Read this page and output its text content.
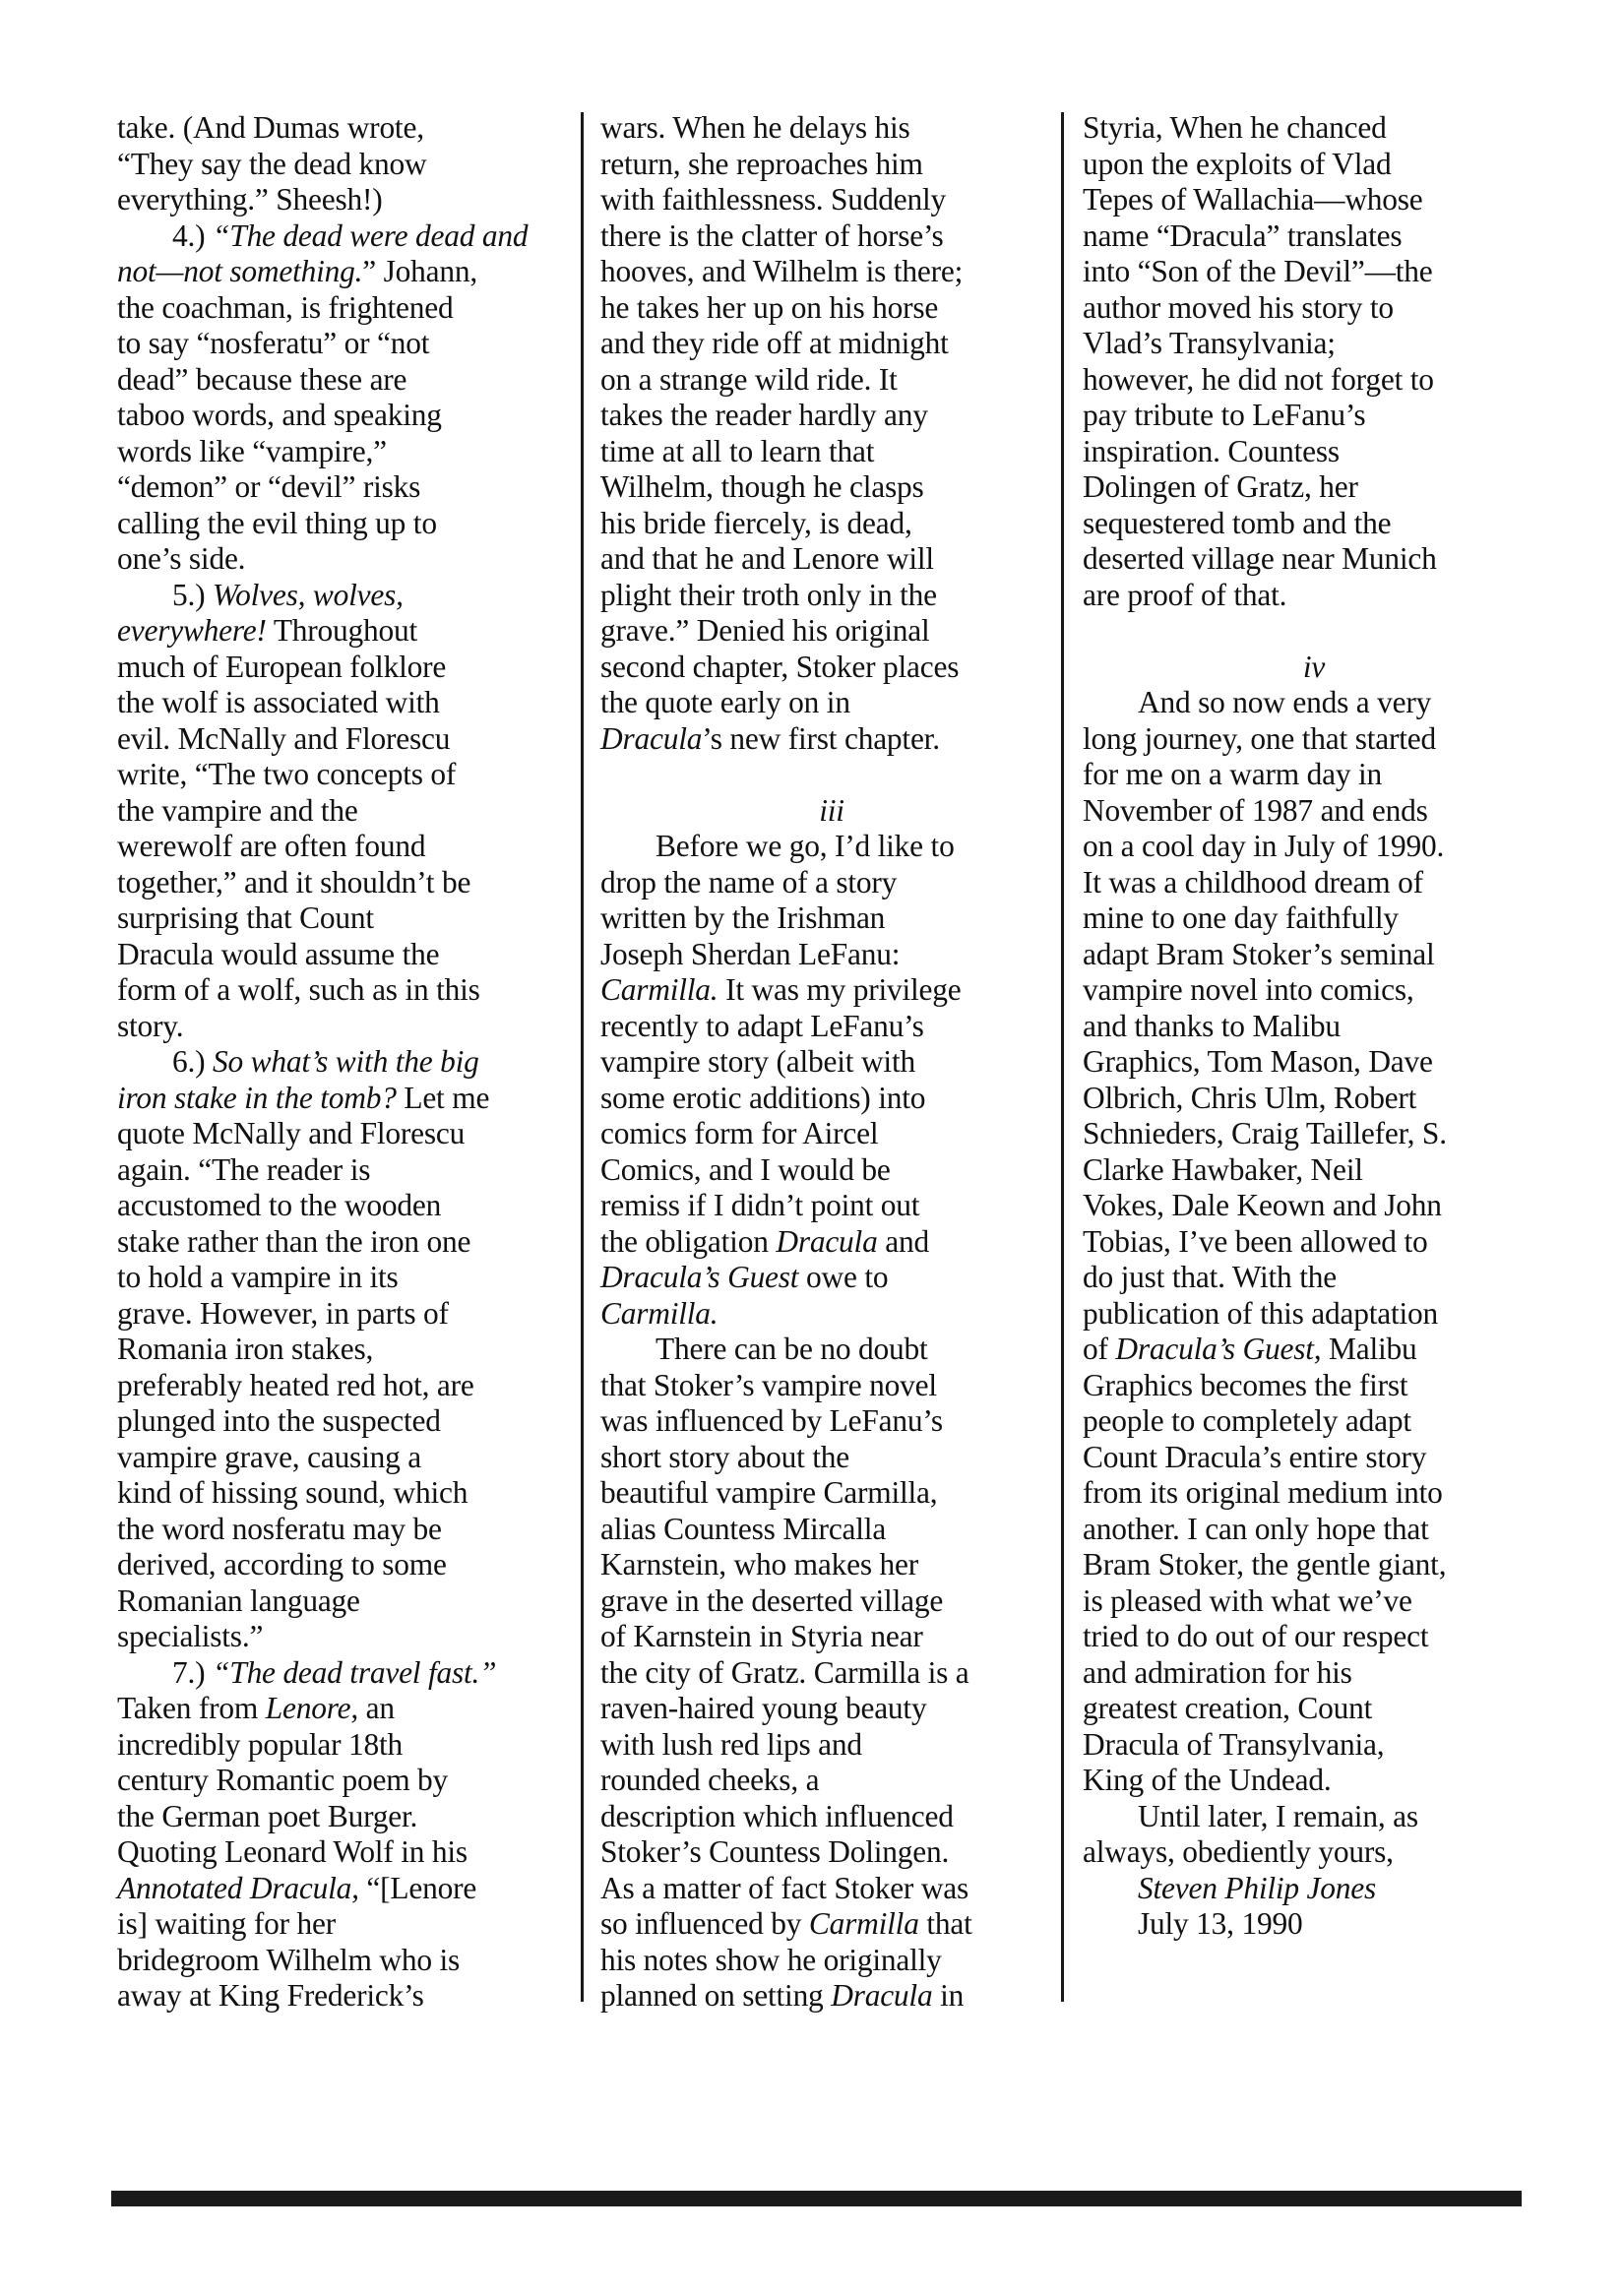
take. (And Dumas wrote,
“They say the dead know
everything.” Sheesh!)
4.) “The dead were dead and
not—not something.” Johann,
the coachman, is frightened
to say “nosferatu” or “not
dead” because these are
taboo words, and speaking
words like “vampire,”
“demon” or “devil” risks
calling the evil thing up to
one’s side.
5.) Wolves, wolves,
everywhere! Throughout
much of European folklore
the wolf is associated with
evil. McNally and Florescu
write, “The two concepts of
the vampire and the
werewolf are often found
together,” and it shouldn’t be
surprising that Count
Dracula would assume the
form of a wolf, such as in this
story.
6.) So what’s with the big
iron stake in the tomb? Let me
quote McNally and Florescu
again. “The reader is
accustomed to the wooden
stake rather than the iron one
to hold a vampire in its
grave. However, in parts of
Romania iron stakes,
preferably heated red hot, are
plunged into the suspected
vampire grave, causing a
kind of hissing sound, which
the word nosferatu may be
derived, according to some
Romanian language
specialists.”
7.) “The dead travel fast.”
Taken from Lenore, an
incredibly popular 18th
century Romantic poem by
the German poet Burger.
Quoting Leonard Wolf in his
Annotated Dracula, “[Lenore
is] waiting for her
bridegroom Wilhelm who is
away at King Frederick’s
wars. When he delays his
return, she reproaches him
with faithlessness. Suddenly
there is the clatter of horse’s
hooves, and Wilhelm is there;
he takes her up on his horse
and they ride off at midnight
on a strange wild ride. It
takes the reader hardly any
time at all to learn that
Wilhelm, though he clasps
his bride fiercely, is dead,
and that he and Lenore will
plight their troth only in the
grave.” Denied his original
second chapter, Stoker places
the quote early on in
Dracula’s new first chapter.
iii
Before we go, I’d like to
drop the name of a story
written by the Irishman
Joseph Sherdan LeFanu:
Carmilla. It was my privilege
recently to adapt LeFanu’s
vampire story (albeit with
some erotic additions) into
comics form for Aircel
Comics, and I would be
remiss if I didn’t point out
the obligation Dracula and
Dracula’s Guest owe to
Carmilla.
There can be no doubt
that Stoker’s vampire novel
was influenced by LeFanu’s
short story about the
beautiful vampire Carmilla,
alias Countess Mircalla
Karnstein, who makes her
grave in the deserted village
of Karnstein in Styria near
the city of Gratz. Carmilla is a
raven-haired young beauty
with lush red lips and
rounded cheeks, a
description which influenced
Stoker’s Countess Dolingen.
As a matter of fact Stoker was
so influenced by Carmilla that
his notes show he originally
planned on setting Dracula in
Styria, When he chanced
upon the exploits of Vlad
Tepes of Wallachia—whose
name “Dracula” translates
into “Son of the Devil”—the
author moved his story to
Vlad’s Transylvania;
however, he did not forget to
pay tribute to LeFanu’s
inspiration. Countess
Dolingen of Gratz, her
sequestered tomb and the
deserted village near Munich
are proof of that.
iv
And so now ends a very
long journey, one that started
for me on a warm day in
November of 1987 and ends
on a cool day in July of 1990.
It was a childhood dream of
mine to one day faithfully
adapt Bram Stoker’s seminal
vampire novel into comics,
and thanks to Malibu
Graphics, Tom Mason, Dave
Olbrich, Chris Ulm, Robert
Schnieders, Craig Taillefer, S.
Clarke Hawbaker, Neil
Vokes, Dale Keown and John
Tobias, I’ve been allowed to
do just that. With the
publication of this adaptation
of Dracula’s Guest, Malibu
Graphics becomes the first
people to completely adapt
Count Dracula’s entire story
from its original medium into
another. I can only hope that
Bram Stoker, the gentle giant,
is pleased with what we’ve
tried to do out of our respect
and admiration for his
greatest creation, Count
Dracula of Transylvania,
King of the Undead.
Until later, I remain, as
always, obediently yours,
Steven Philip Jones
July 13, 1990
